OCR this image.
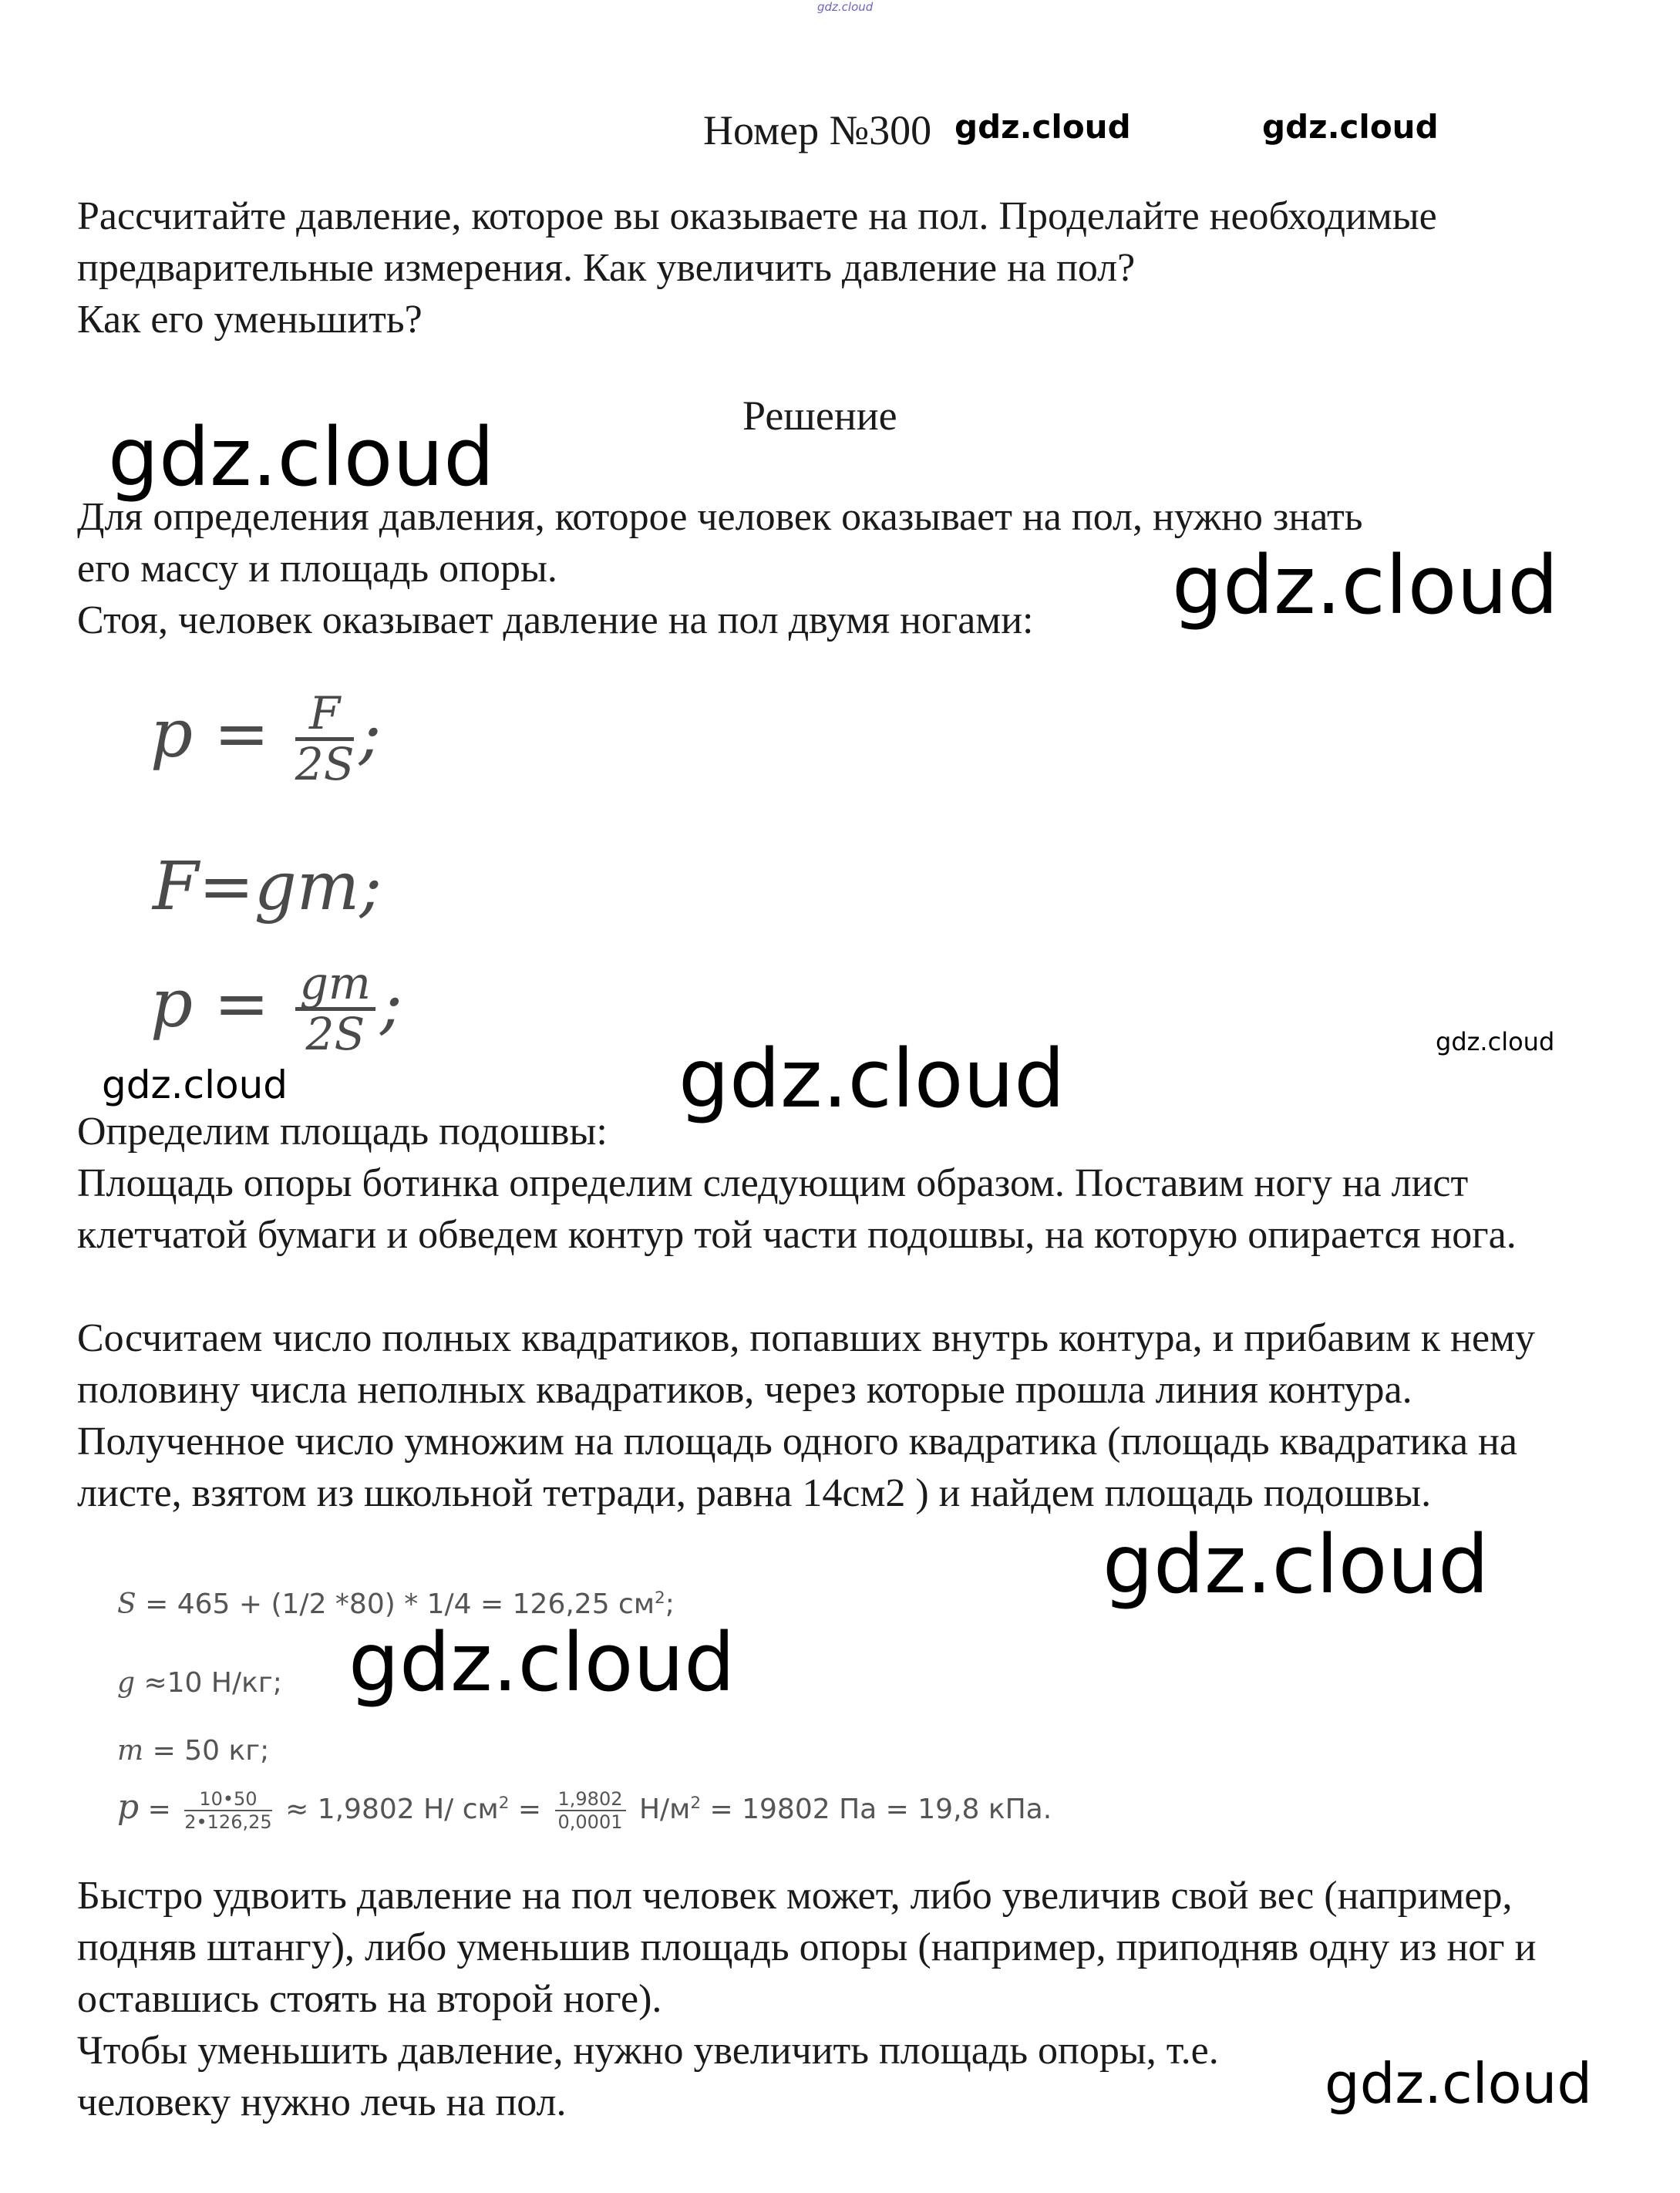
gdz.cloud
Номер №300 gdz.cloud	gdz.cloud

Рассчитайте давление, которое вы оказываете на пол. Проделайте необходимые предварительные измерения. Как увеличить давление на пол?

Как его уменьшить?

Решение
gdz.cloud

Для определения давления, которое человек оказывает на пол, нужно знать

его массу и площадь опоры.	gdz.cloud

Стоя, человек оказывает давление на пол двумя ногами:

$p = \frac{F}{2S}$ ;
F=gm;
$p = \frac{gm}{2S}$ ;	gdz.cloud
gdz.cloud	gdz.cloud

Определим площадь подошвы:

Площадь опоры ботинка определим следующим образом. Поставим ногу на лист клетчатой бумаги и обведем контур той части подошвы, на которую опирается нога.

Сосчитаем число полных квадратиков, попавших внутрь контура, и прибавим к нему половину числа неполных квадратиков, через которые прошла линия контура. Полученное число умножим на площадь одного квадратика (площадь квадратика на листе, взятом из школьной тетради, равна 14см2 ) и найдем площадь подошвы.

gdz.cloud
S = 465 + (1/2 *80) * 1/4 = 126,25 $см^2$;
g ≈10 Н/кг; gdz.cloud
m = 50 кг;
$p = \frac{10•50}{2•126,25} \approx 1,9802$ Н/ $см^2 = \frac{1,9802}{0,0001} Н/м^2 = 19802$ Па = 19,8 кПа.

Быстро удвоить давление на пол человек может, либо увеличив свой вес (например, подняв штангу), либо уменьшив площадь опоры (например, приподняв одну из ног и оставшись стоять на второй ноге).

Чтобы уменьшить давление, нужно увеличить площадь опоры, т.е.

человеку нужно лечь на пол.	gdz.cloud
